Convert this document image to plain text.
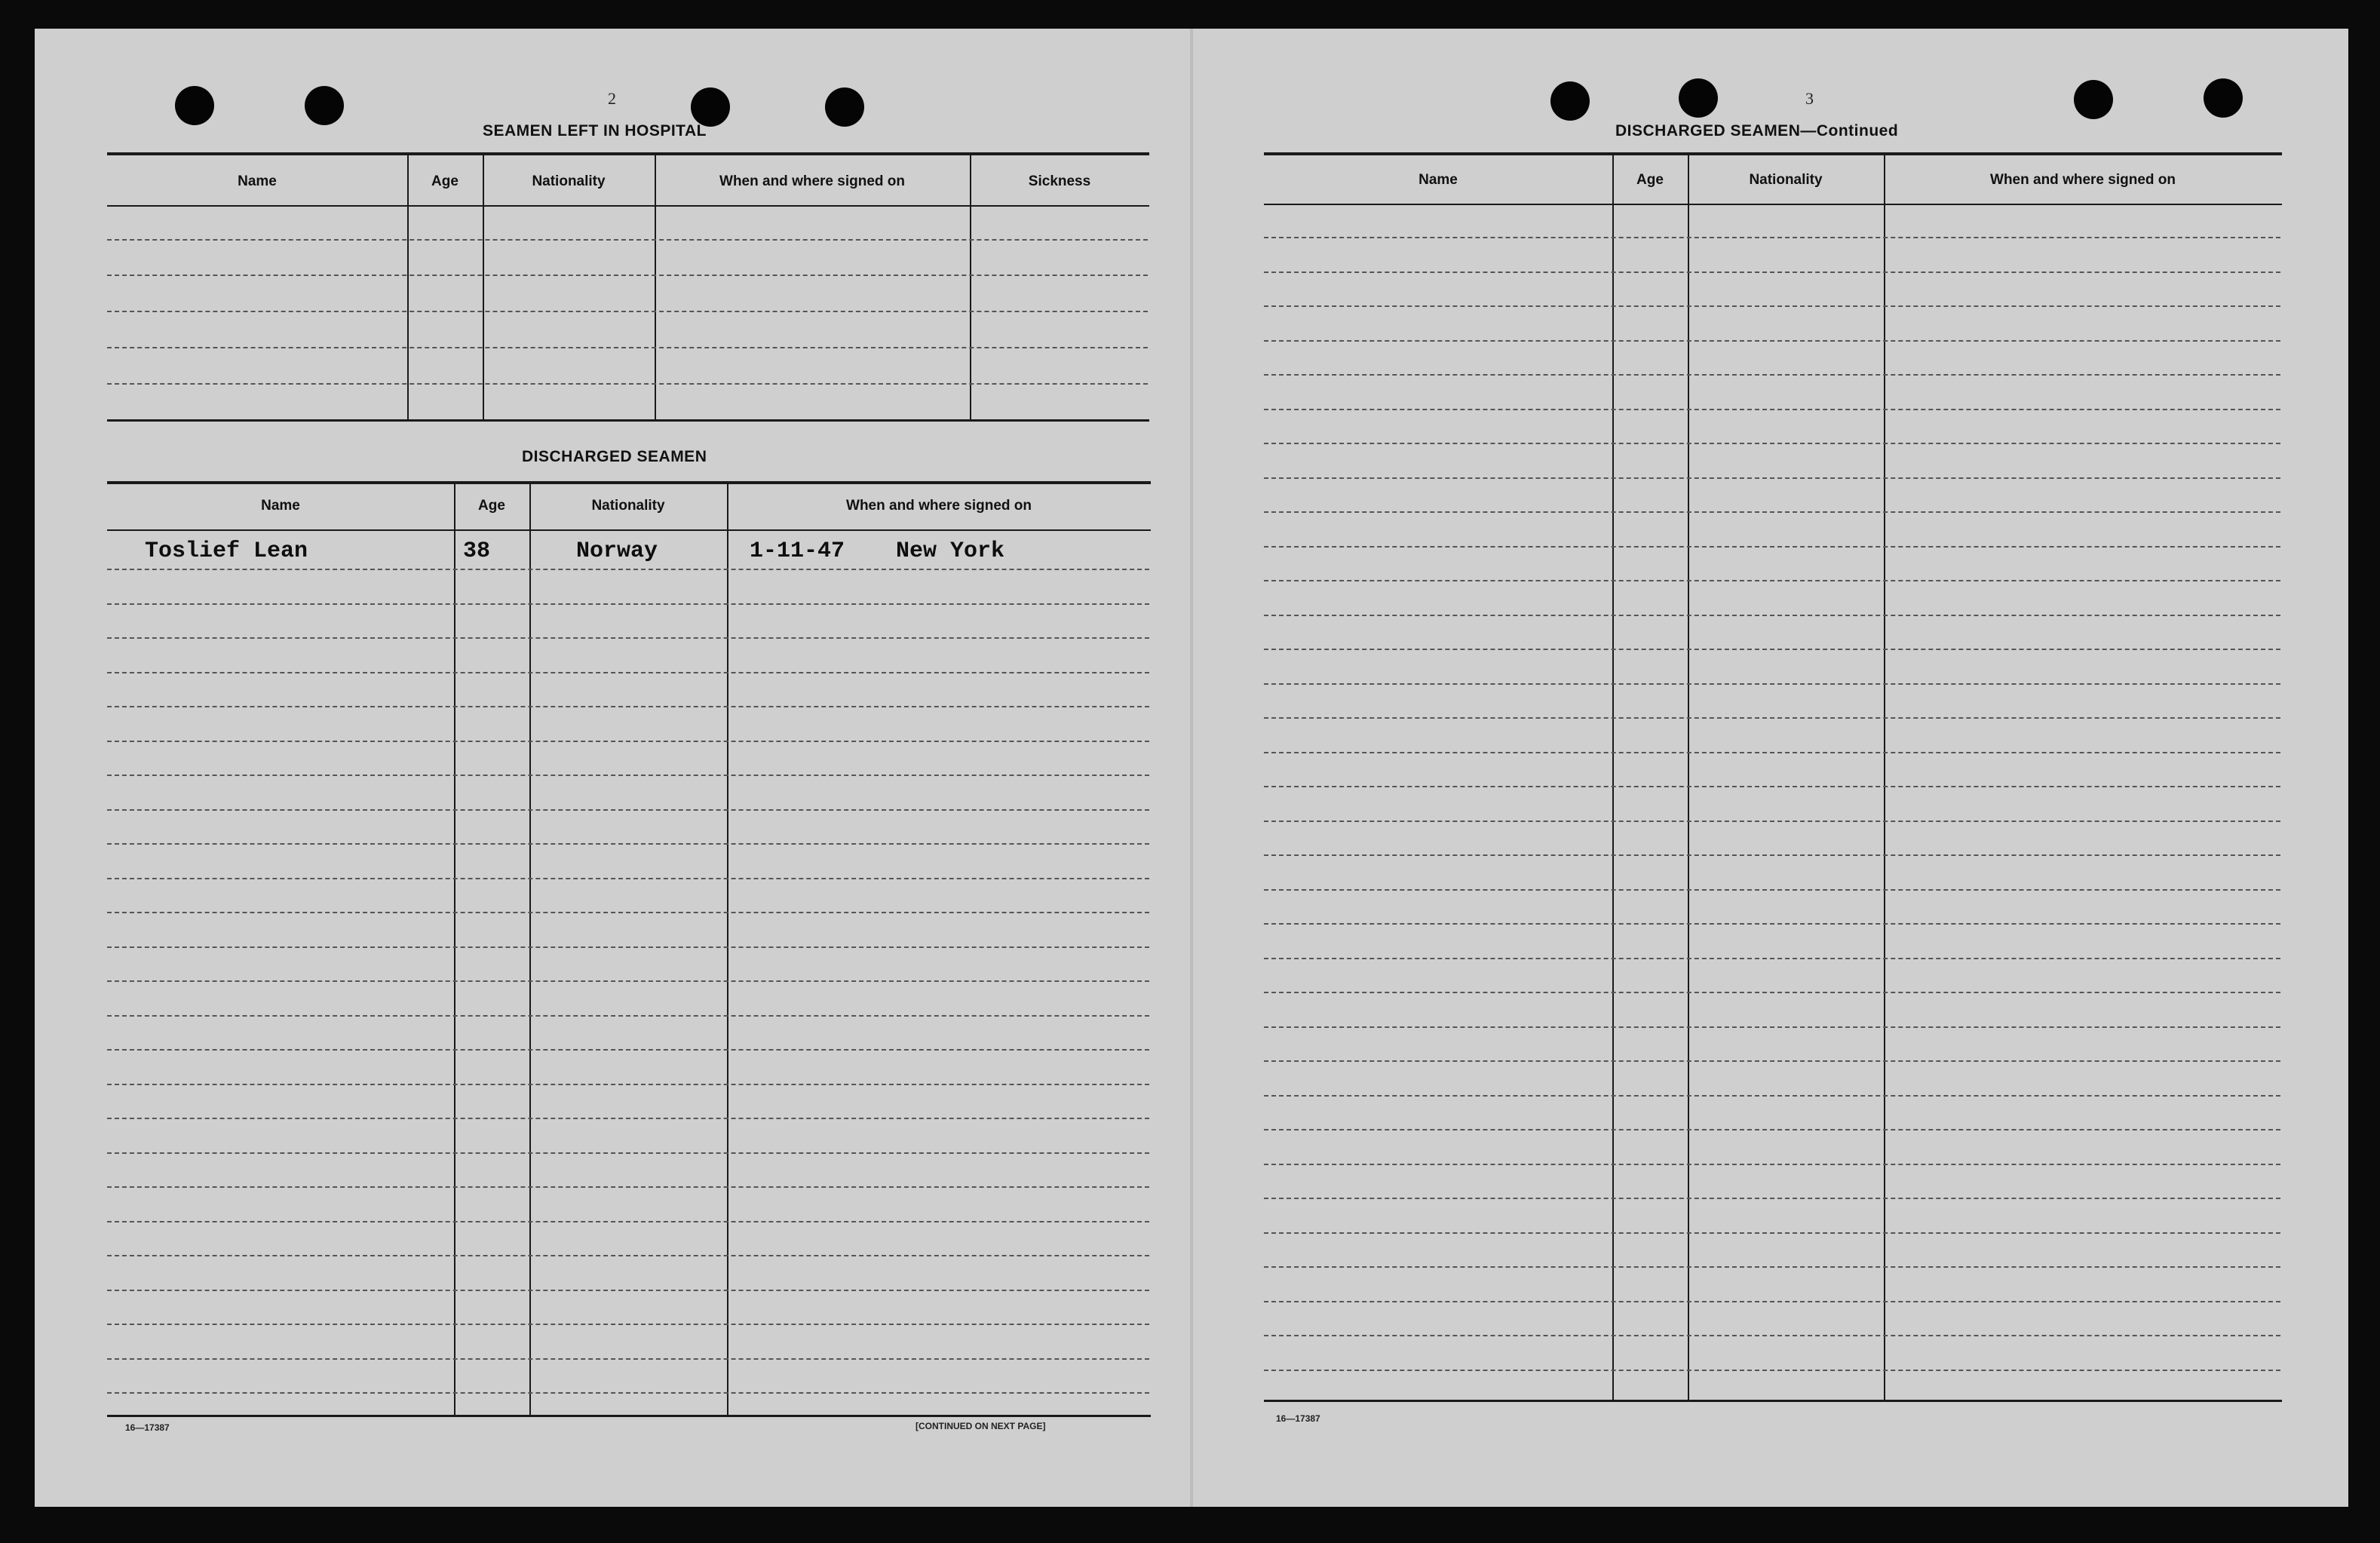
2
SEAMEN LEFT IN HOSPITAL
Name	Age	Nationality	When and where signed on	Sickness
DISCHARGED SEAMEN
Name	Age	Nationality	When and where signed on
Toslief Lean	38	Norway	1-11-47 New York
16—17387	[CONTINUED ON NEXT PAGE]
3
DISCHARGED SEAMEN—Continued
Name	Age	Nationality	When and where signed on
16—17387
